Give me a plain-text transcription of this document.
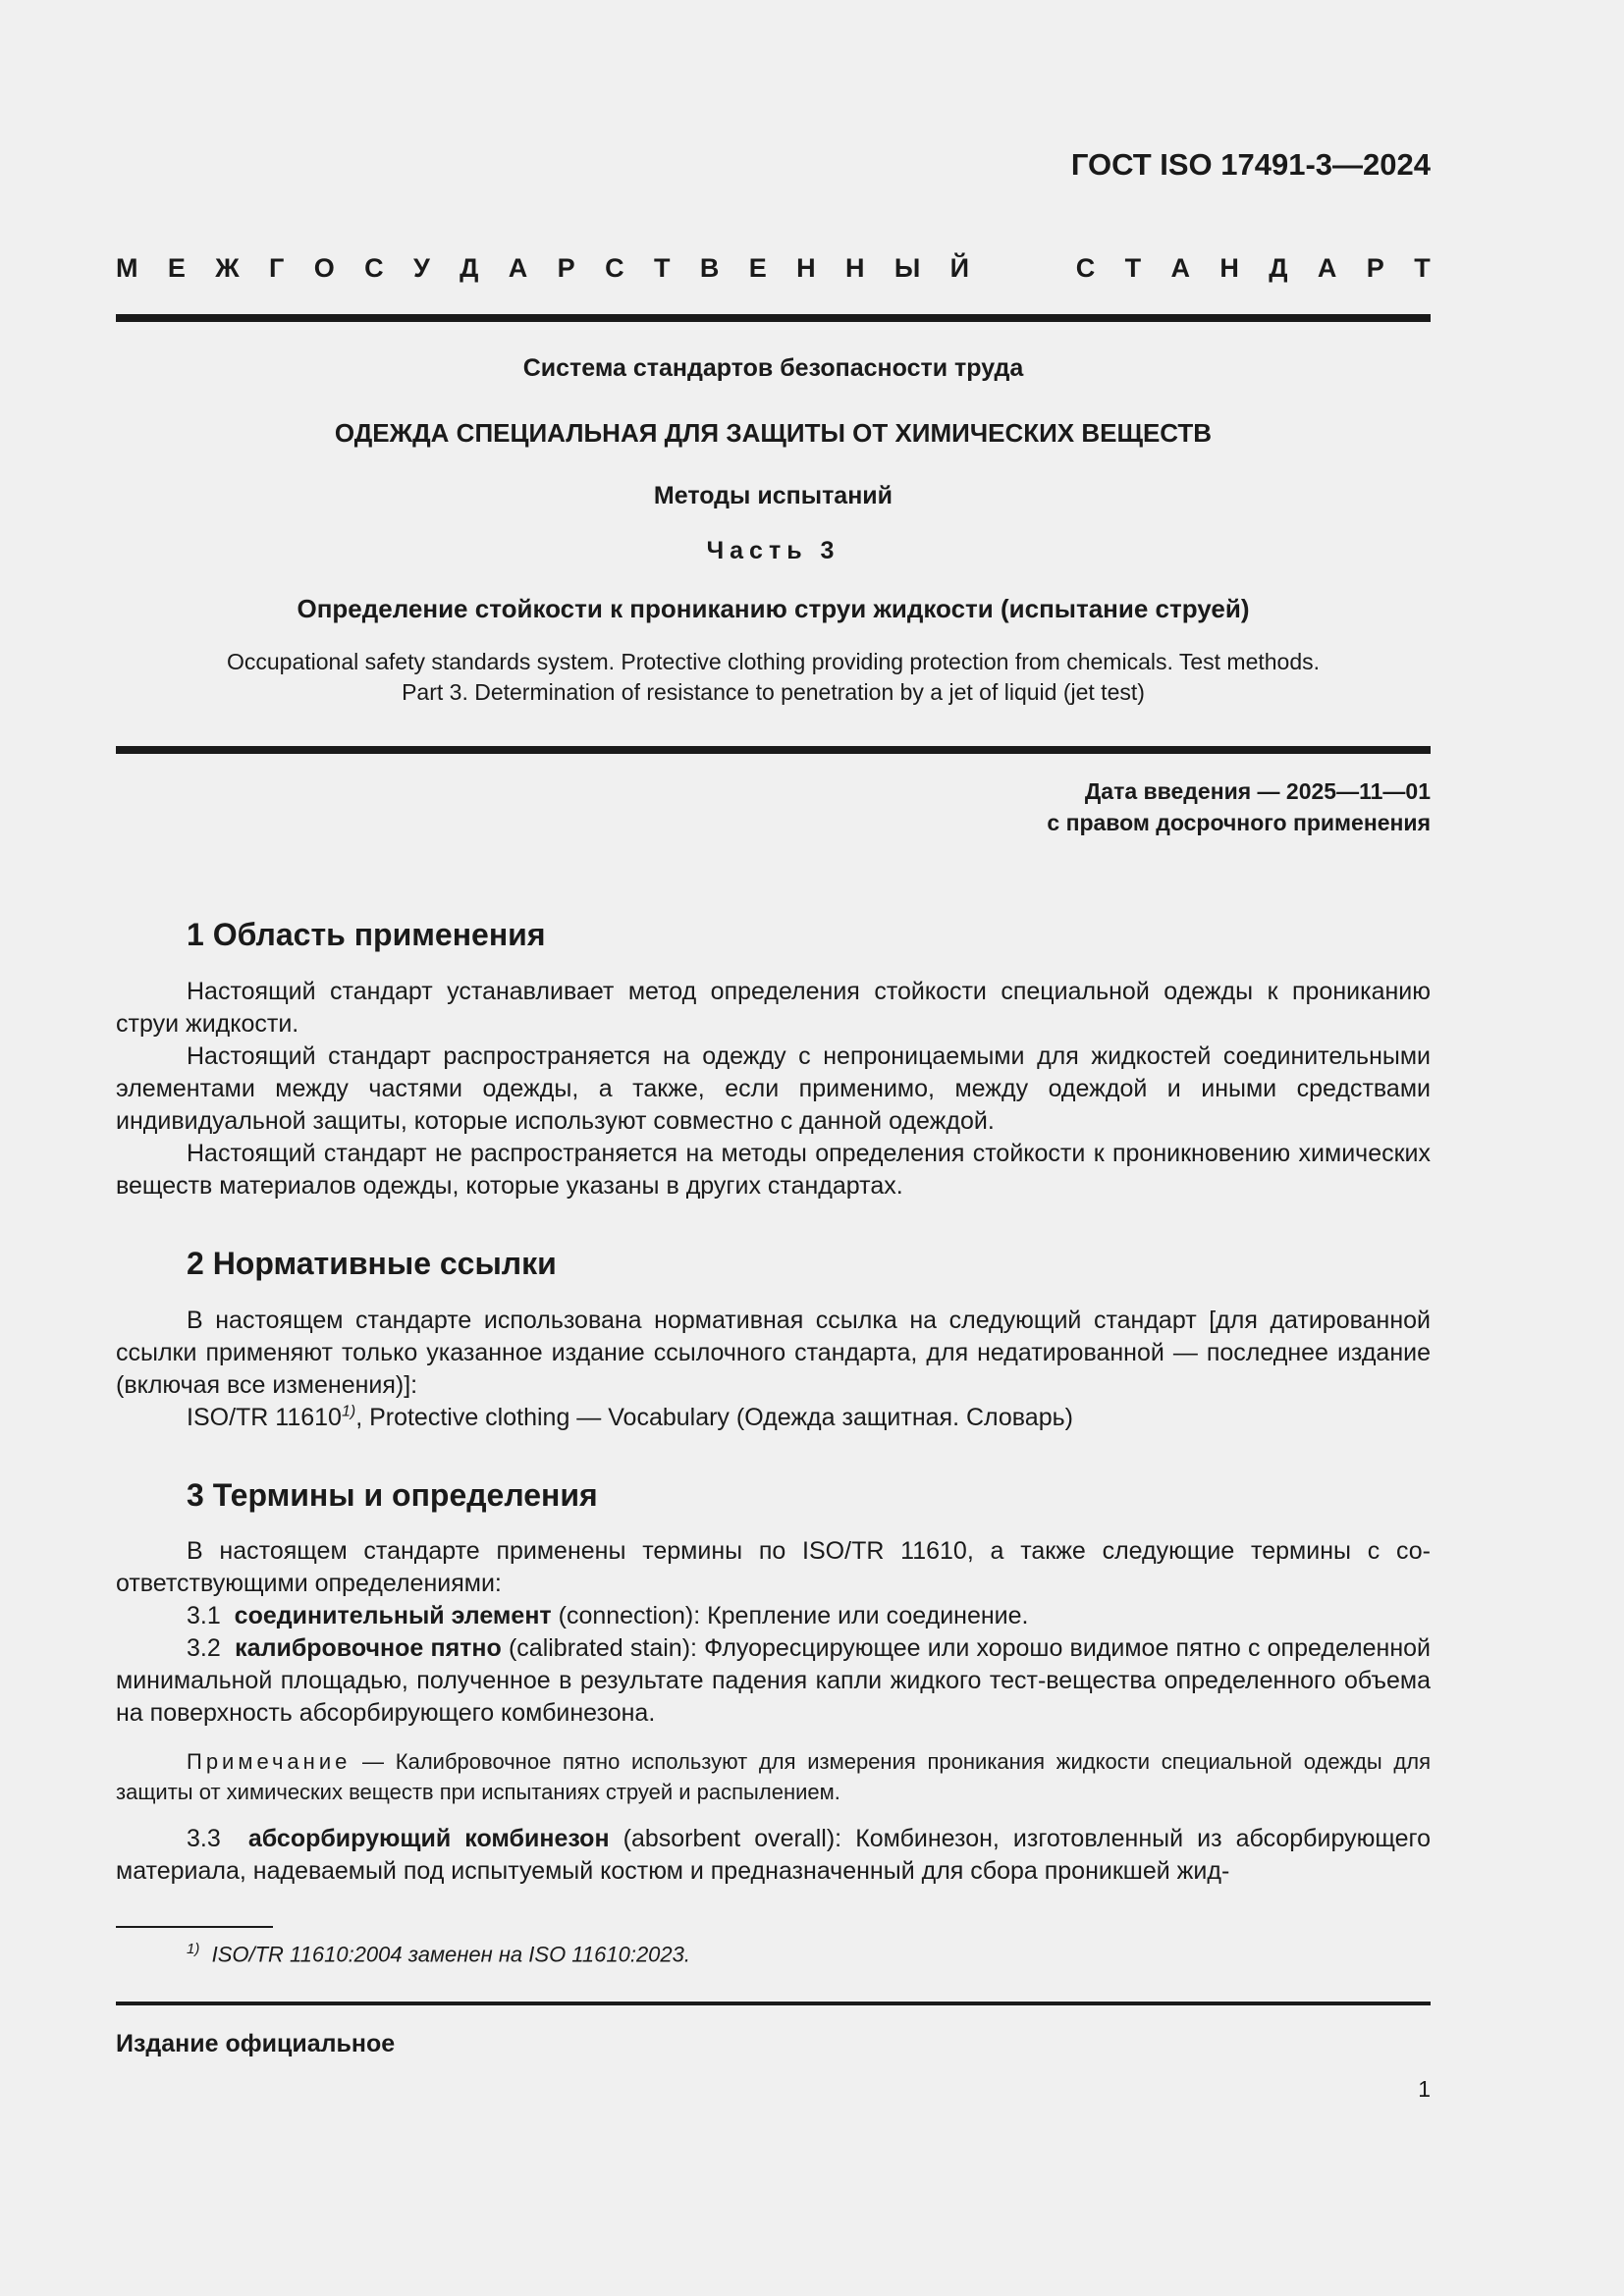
ГОСТ ISO 17491-3—2024
М Е Ж Г О С У Д А Р С Т В Е Н Н Ы Й	С Т А Н Д А Р Т
Система стандартов безопасности труда
ОДЕЖДА СПЕЦИАЛЬНАЯ ДЛЯ ЗАЩИТЫ ОТ ХИМИЧЕСКИХ ВЕЩЕСТВ
Методы испытаний
Часть 3
Определение стойкости к прониканию струи жидкости (испытание струей)
Occupational safety standards system. Protective clothing providing protection from chemicals. Test methods.
Part 3. Determination of resistance to penetration by a jet of liquid (jet test)
Дата введения — 2025—11—01
с правом досрочного применения
1 Область применения

Настоящий стандарт устанавливает метод определения стойкости специальной одежды к прониканию струи жидкости.

Настоящий стандарт распространяется на одежду с непроницаемыми для жидкостей соединительными элементами между частями одежды, а также, если применимо, между одеждой и иными средствами индивидуальной защиты, которые используют совместно с данной одеждой.

Настоящий стандарт не распространяется на методы определения стойкости к проникновению химических веществ материалов одежды, которые указаны в других стандартах.

2 Нормативные ссылки

В настоящем стандарте использована нормативная ссылка на следующий стандарт [для датированной ссылки применяют только указанное издание ссылочного стандарта, для недатированной — последнее издание (включая все изменения)]:

ISO/TR 11610$^{1)}$, Protective clothing — Vocabulary (Одежда защитная. Словарь)

3 Термины и определения

В настоящем стандарте применены термины по ISO/TR 11610, а также следующие термины с соответствующими определениями:

3.1 соединительный элемент (connection): Крепление или соединение.

3.2 калибровочное пятно (calibrated stain): Флуоресцирующее или хорошо видимое пятно с определенной минимальной площадью, полученное в результате падения капли жидкого тест-вещества определенного объема на поверхность абсорбирующего комбинезона.

Примечание — Калибровочное пятно используют для измерения проникания жидкости специальной одежды для защиты от химических веществ при испытаниях струей и распылением.

3.3 абсорбирующий комбинезон (absorbent overall): Комбинезон, изготовленный из абсорбирующего материала, надеваемый под испытуемый костюм и предназначенный для сбора проникшей жид-

$^{1)}$ ISO/TR 11610:2004 заменен на ISO 11610:2023.
Издание официальное
1
